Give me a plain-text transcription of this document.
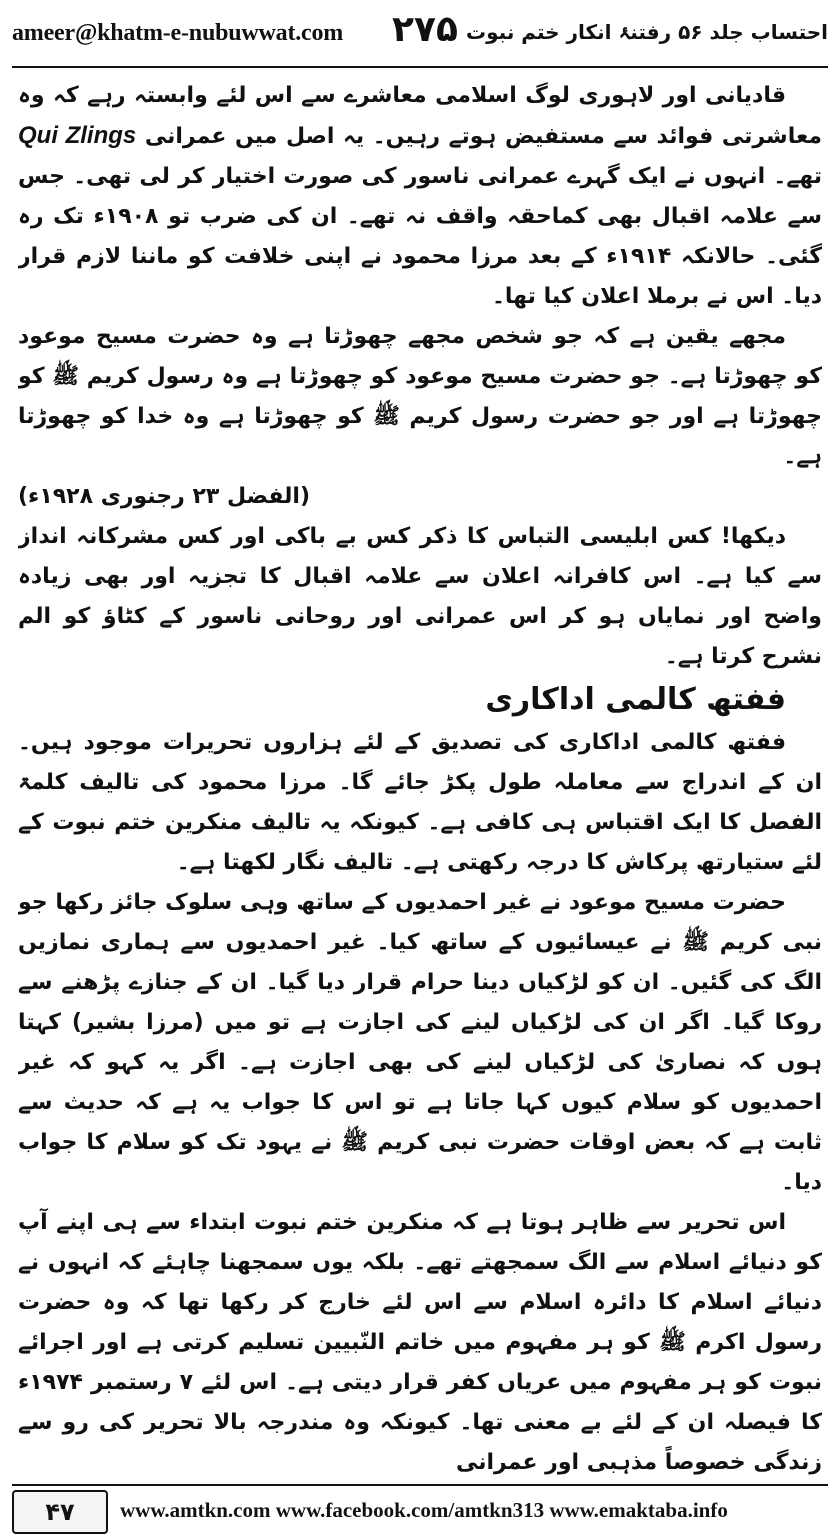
ameer@khatm-e-nubuwwat.com ۲۷۵ احتساب جلد ۵۶ رفتنۂ انکار ختم نبوت

قادیانی اور لاہوری لوگ اسلامی معاشرے سے اس لئے وابستہ رہے کہ وہ معاشرتی فوائد سے مستفیض ہوتے رہیں۔ یہ اصل میں عمرانی Qui Zlings تھے۔ انہوں نے ایک گہرے عمرانی ناسور کی صورت اختیار کر لی تھی۔ جس سے علامہ اقبال بھی کماحقہ واقف نہ تھے۔ ان کی ضرب تو ۱۹۰۸ء تک رہ گئی۔ حالانکہ ۱۹۱۴ء کے بعد مرزا محمود نے اپنی خلافت کو ماننا لازم قرار دیا۔ اس نے برملا اعلان کیا تھا۔

مجھے یقین ہے کہ جو شخص مجھے چھوڑتا ہے وہ حضرت مسیح موعود کو چھوڑتا ہے۔ جو حضرت مسیح موعود کو چھوڑتا ہے وہ رسول کریم ﷺ کو چھوڑتا ہے اور جو حضرت رسول کریم ﷺ کو چھوڑتا ہے وہ خدا کو چھوڑتا ہے۔
(الفضل ۲۳ رجنوری ۱۹۲۸ء)

دیکھا! کس ابلیسی التباس کا ذکر کس بے باکی اور کس مشرکانہ انداز سے کیا ہے۔ اس کافرانہ اعلان سے علامہ اقبال کا تجزیہ اور بھی زیادہ واضح اور نمایاں ہو کر اس عمرانی اور روحانی ناسور کے کٹاؤ کو الم نشرح کرتا ہے۔

ففتھ کالمی اداکاری

ففتھ کالمی اداکاری کی تصدیق کے لئے ہزاروں تحریرات موجود ہیں۔ ان کے اندراج سے معاملہ طول پکڑ جائے گا۔ مرزا محمود کی تالیف کلمۃ الفصل کا ایک اقتباس ہی کافی ہے۔ کیونکہ یہ تالیف منکرین ختم نبوت کے لئے ستیارتھ پرکاش کا درجہ رکھتی ہے۔ تالیف نگار لکھتا ہے۔

حضرت مسیح موعود نے غیر احمدیوں کے ساتھ وہی سلوک جائز رکھا جو نبی کریم ﷺ نے عیسائیوں کے ساتھ کیا۔ غیر احمدیوں سے ہماری نمازیں الگ کی گئیں۔ ان کو لڑکیاں دینا حرام قرار دیا گیا۔ ان کے جنازے پڑھنے سے روکا گیا۔ اگر ان کی لڑکیاں لینے کی اجازت ہے تو میں (مرزا بشیر) کہتا ہوں کہ نصاریٰ کی لڑکیاں لینے کی بھی اجازت ہے۔ اگر یہ کہو کہ غیر احمدیوں کو سلام کیوں کہا جاتا ہے تو اس کا جواب یہ ہے کہ حدیث سے ثابت ہے کہ بعض اوقات حضرت نبی کریم ﷺ نے یہود تک کو سلام کا جواب دیا۔

اس تحریر سے ظاہر ہوتا ہے کہ منکرین ختم نبوت ابتداء سے ہی اپنے آپ کو دنیائے اسلام سے الگ سمجھتے تھے۔ بلکہ یوں سمجھنا چاہئے کہ انہوں نے دنیائے اسلام کا دائرہ اسلام سے اس لئے خارج کر رکھا تھا کہ وہ حضرت رسول اکرم ﷺ کو ہر مفہوم میں خاتم النّبیین تسلیم کرتی ہے اور اجرائے نبوت کو ہر مفہوم میں عریاں کفر قرار دیتی ہے۔ اس لئے ۷ رستمبر ۱۹۷۴ء کا فیصلہ ان کے لئے بے معنی تھا۔ کیونکہ وہ مندرجہ بالا تحریر کی رو سے زندگی خصوصاً مذہبی اور عمرانی

۴۷	www.amtkn.com www.facebook.com/amtkn313 www.emaktaba.info
